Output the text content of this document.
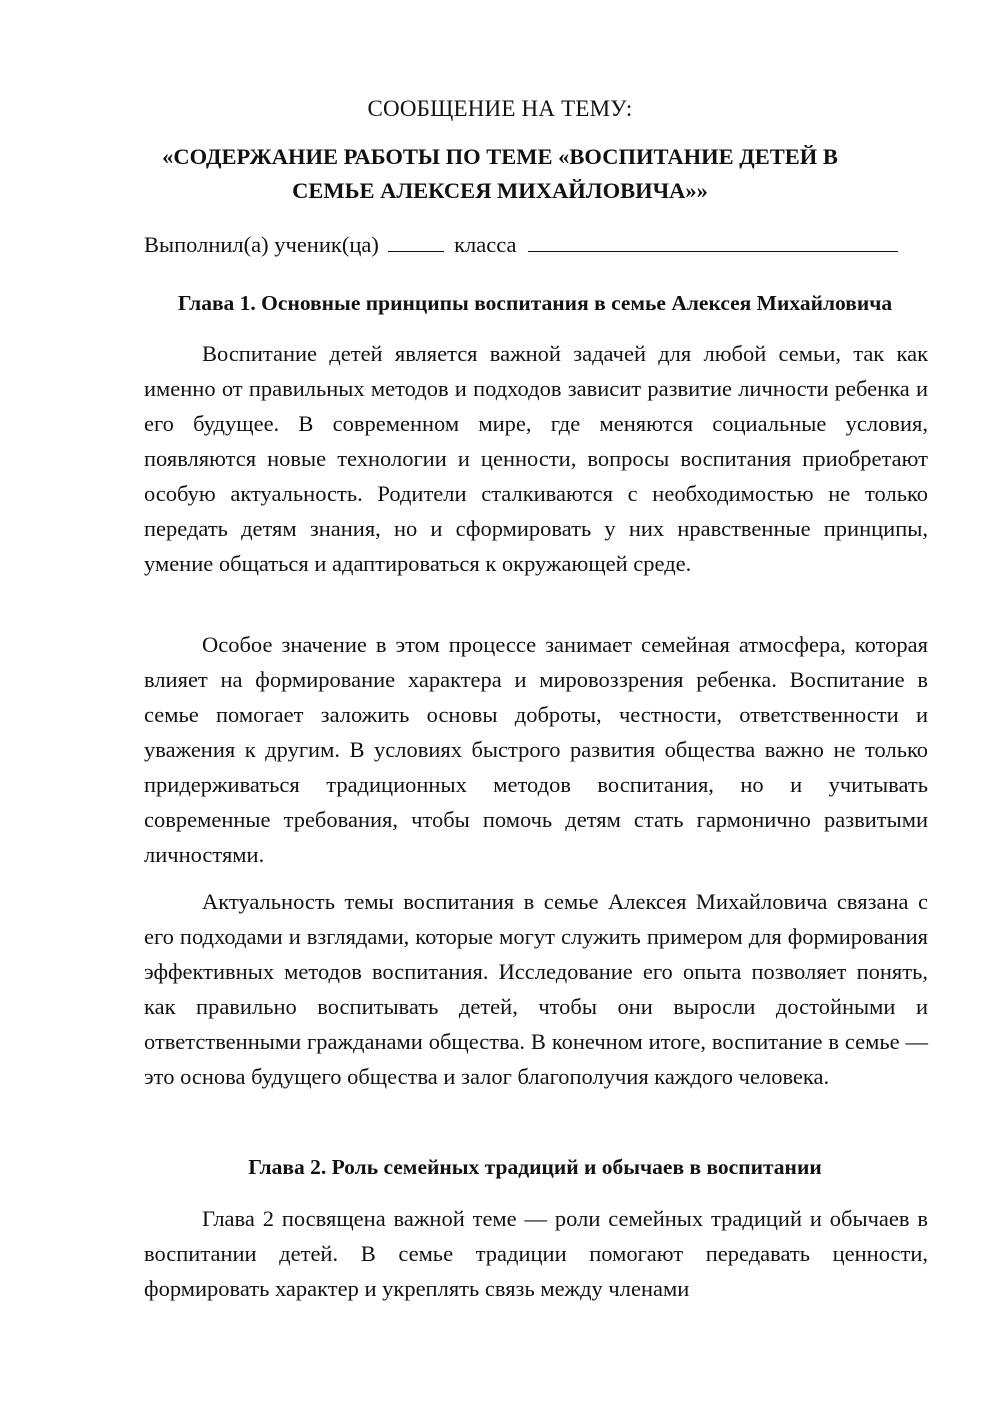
СООБЩЕНИЕ НА ТЕМУ:
«СОДЕРЖАНИЕ РАБОТЫ ПО ТЕМЕ «ВОСПИТАНИЕ ДЕТЕЙ В
СЕМЬЕ АЛЕКСЕЯ МИХАЙЛОВИЧА»»
Выполнил(а) ученик(ца)	класса
Глава 1. Основные принципы воспитания в семье Алексея Михайловича

Воспитание детей является важной задачей для любой семьи, так как именно от правильных методов и подходов зависит развитие личности ребенка и его будущее. В современном мире, где меняются социальные условия, появляются новые технологии и ценности, вопросы воспитания приобретают особую актуальность. Родители сталкиваются с необходимостью не только передать детям знания, но и сформировать у них нравственные принципы, умение общаться и адаптироваться к окружающей среде.

Особое значение в этом процессе занимает семейная атмосфера, которая влияет на формирование характера и мировоззрения ребенка. Воспитание в семье помогает заложить основы доброты, честности, ответственности и уважения к другим. В условиях быстрого развития общества важно не только придерживаться традиционных методов воспитания, но и учитывать современные требования, чтобы помочь детям стать гармонично развитыми личностями.

Актуальность темы воспитания в семье Алексея Михайловича связана с его подходами и взглядами, которые могут служить примером для формирования эффективных методов воспитания. Исследование его опыта позволяет понять, как правильно воспитывать детей, чтобы они выросли достойными и ответственными гражданами общества. В конечном итоге, воспитание в семье — это основа будущего общества и залог благополучия каждого человека.

Глава 2. Роль семейных традиций и обычаев в воспитании

Глава 2 посвящена важной теме — роли семейных традиций и обычаев в воспитании детей. В семье традиции помогают передавать ценности, формировать характер и укреплять связь между членами
